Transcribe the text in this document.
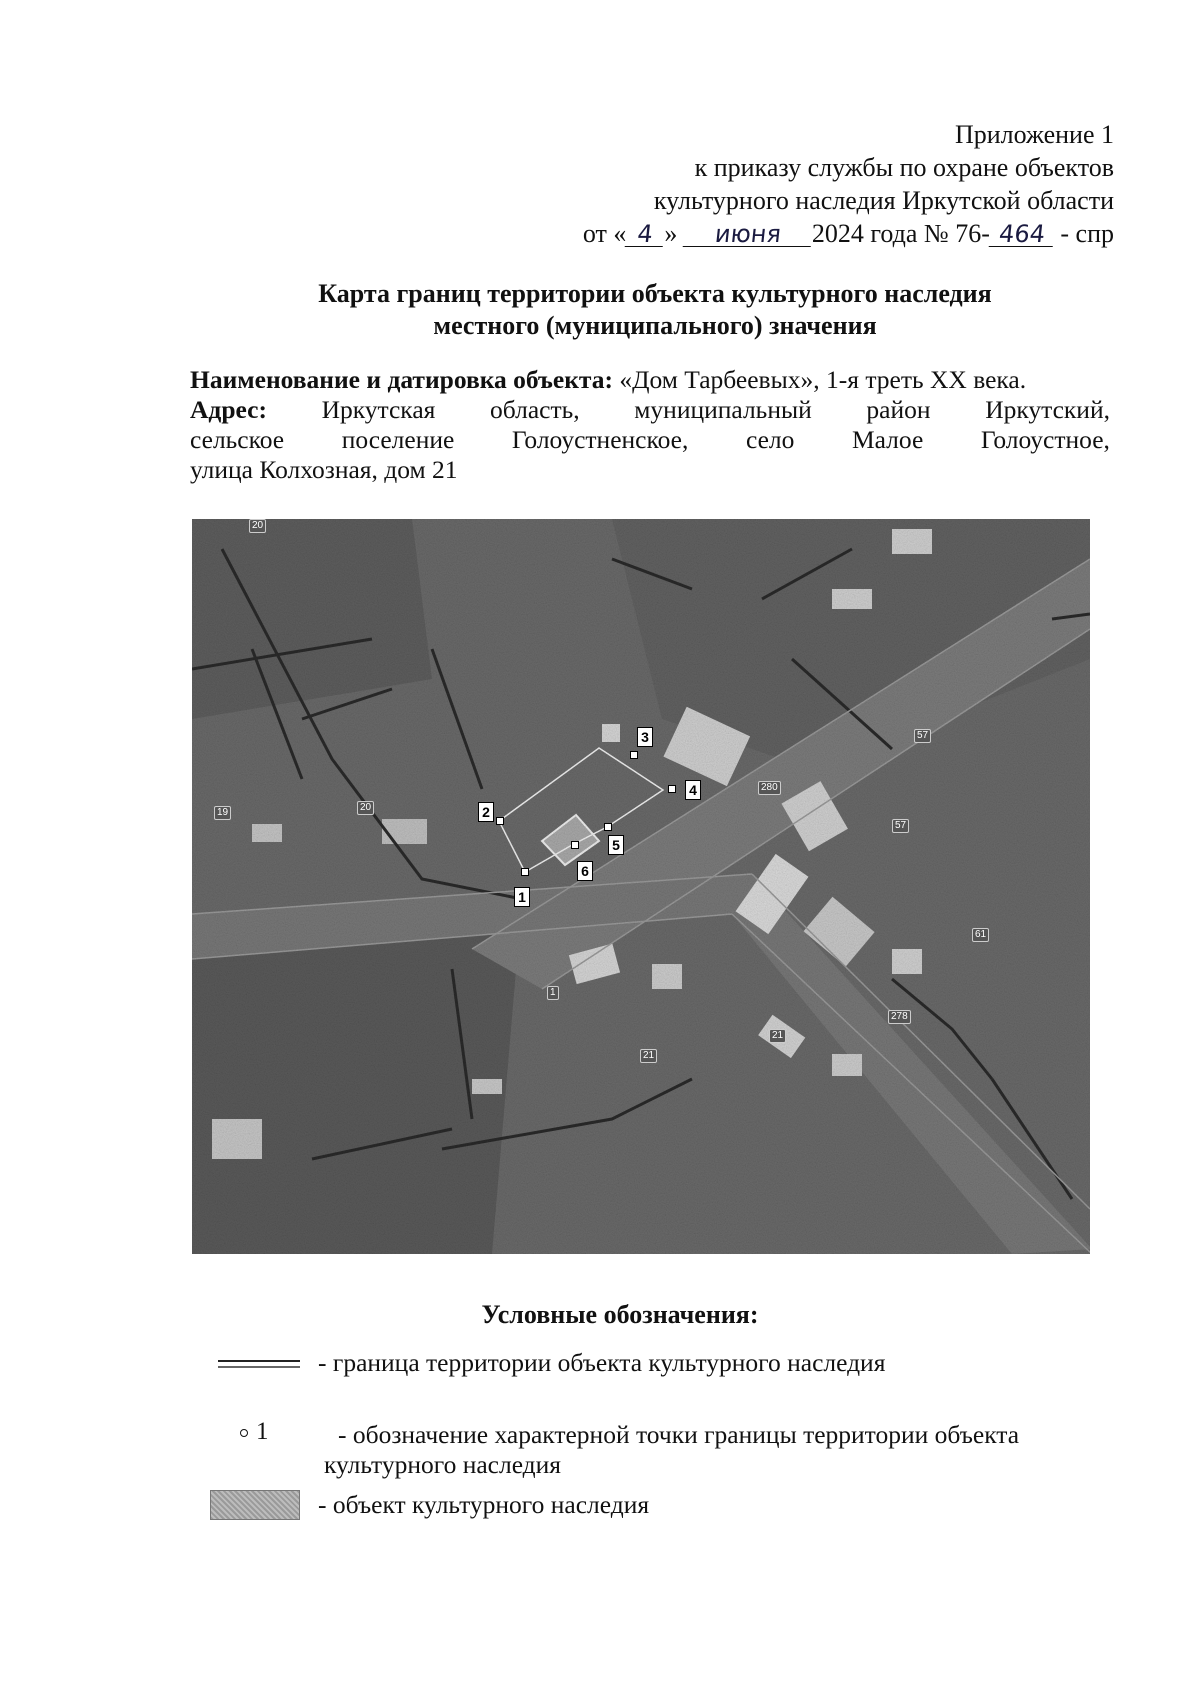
Приложение 1
к приказу службы по охране объектов
культурного наследия Иркутской области
от « 4 » июня 2024 года № 76- 464 - спр
Карта границ территории объекта культурного наследия
местного (муниципального) значения
Наименование и датировка объекта: «Дом Тарбеевых», 1-я треть XX века.
Адрес: Иркутская область, муниципальный район Иркутский,
сельское поселение Голоустненское, село Малое Голоустное,
улица Колхозная, дом 21
20
19	20
57
280
57
61
278
21
21
1
1
2
3
4
5
6
Условные обозначения:
- граница территории объекта культурного наследия
1	- обозначение характерной точки границы территории объекта
культурного наследия
- объект культурного наследия
